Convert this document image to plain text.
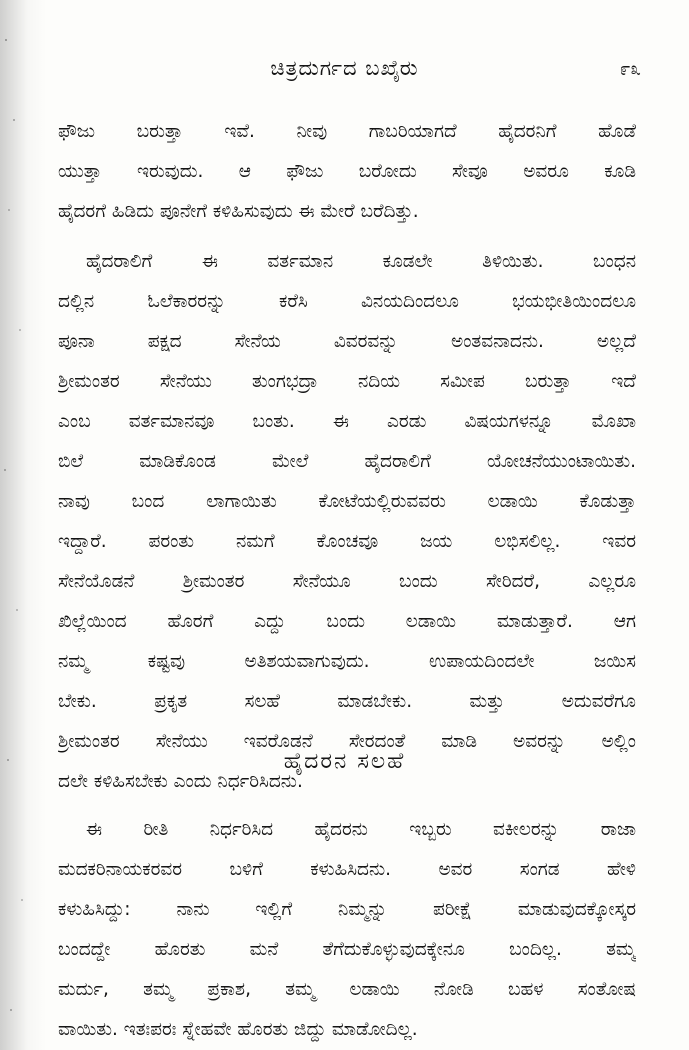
ಚಿತ್ರದುರ್ಗದ ಬಖೈರು	೯೩
ಫೌಜು ಬರುತ್ತಾ ಇವೆ. ನೀವು ಗಾಬರಿಯಾಗದೆ ಹೈದರನಿಗೆ ಹೊಡೆ
ಯುತ್ತಾ ಇರುವುದು. ಆ ಫೌಜು ಬರೋದು ಸೇವೂ ಅವರೂ ಕೂಡಿ
ಹೈದರಗೆ ಹಿಡಿದು ಪೂನೇಗೆ ಕಳಿಹಿಸುವುದು ಈ ಮೇರೆ ಬರೆದಿತ್ತು.
ಹೈದರಾಲಿಗೆ ಈ ವರ್ತಮಾನ ಕೂಡಲೇ ತಿಳಿಯಿತು. ಬಂಧನ
ದಲ್ಲಿನ ಓಲೆಕಾರರನ್ನು ಕರೆಸಿ ವಿನಯದಿಂದಲೂ ಭಯಭೀತಿಯಿಂದಲೂ
ಪೂನಾ ಪಕ್ಷದ ಸೇನೆಯ ವಿವರವನ್ನು ಅಂತವನಾದನು. ಅಲ್ಲದೆ
ಶ್ರೀಮಂತರ ಸೇನೆಯು ತುಂಗಭದ್ರಾ ನದಿಯ ಸಮೀಪ ಬರುತ್ತಾ ಇದೆ
ಎಂಬ ವರ್ತಮಾನವೂ ಬಂತು. ಈ ಎರಡು ವಿಷಯಗಳನ್ನೂ ಮೊಖಾ
ಬಿಲೆ ಮಾಡಿಕೊಂಡ ಮೇಲೆ ಹೈದರಾಲಿಗೆ ಯೋಚನೆಯುಂಟಾಯಿತು.
ನಾವು ಬಂದ ಲಾಗಾಯಿತು ಕೋಟೆಯಲ್ಲಿರುವವರು ಲಡಾಯಿ ಕೊಡುತ್ತಾ
ಇದ್ದಾರೆ. ಪರಂತು ನಮಗೆ ಕೊಂಚವೂ ಜಯ ಲಭಿಸಲಿಲ್ಲ. ಇವರ
ಸೇನೆಯೊಡನೆ ಶ್ರೀಮಂತರ ಸೇನೆಯೂ ಬಂದು ಸೇರಿದರೆ, ಎಲ್ಲರೂ
ಖಿಲ್ಲೆಯಿಂದ ಹೊರಗೆ ಎದ್ದು ಬಂದು ಲಡಾಯಿ ಮಾಡುತ್ತಾರೆ. ಆಗ
ನಮ್ಮ ಕಷ್ಟವು ಅತಿಶಯವಾಗುವುದು. ಉಪಾಯದಿಂದಲೇ ಜಯಿಸ
ಬೇಕು. ಪ್ರಕೃತ ಸಲಹೆ ಮಾಡಬೇಕು. ಮತ್ತು ಅದುವರೆಗೂ
ಶ್ರೀಮಂತರ ಸೇನೆಯು ಇವರೊಡನೆ ಸೇರದಂತೆ ಮಾಡಿ ಅವರನ್ನು ಅಲ್ಲಿಂ
ದಲೇ ಕಳಿಹಿಸಬೇಕು ಎಂದು ನಿರ್ಧರಿಸಿದನು.
ಹೈದರನ ಸಲಹೆ
ಈ ರೀತಿ ನಿರ್ಧರಿಸಿದ ಹೈದರನು ಇಬ್ಬರು ವಕೀಲರನ್ನು ರಾಜಾ
ಮದಕರಿನಾಯಕರವರ ಬಳಿಗೆ ಕಳುಹಿಸಿದನು. ಅವರ ಸಂಗಡ ಹೇಳಿ
ಕಳುಹಿಸಿದ್ದು: ನಾನು ಇಲ್ಲಿಗೆ ನಿಮ್ಮನ್ನು ಪರೀಕ್ಷೆ ಮಾಡುವುದಕ್ಕೋಸ್ಕರ
ಬಂದದ್ದೇ ಹೊರತು ಮನೆ ತೆಗೆದುಕೊಳ್ಳುವುದಕ್ಕೇನೂ ಬಂದಿಲ್ಲ. ತಮ್ಮ
ಮರ್ದು, ತಮ್ಮ ಪ್ರಕಾಶ, ತಮ್ಮ ಲಡಾಯಿ ನೋಡಿ ಬಹಳ ಸಂತೋಷ
ವಾಯಿತು. ಇತಃಪರಃ ಸ್ನೇಹವೇ ಹೊರತು ಜಿದ್ದು ಮಾಡೋದಿಲ್ಲ.
